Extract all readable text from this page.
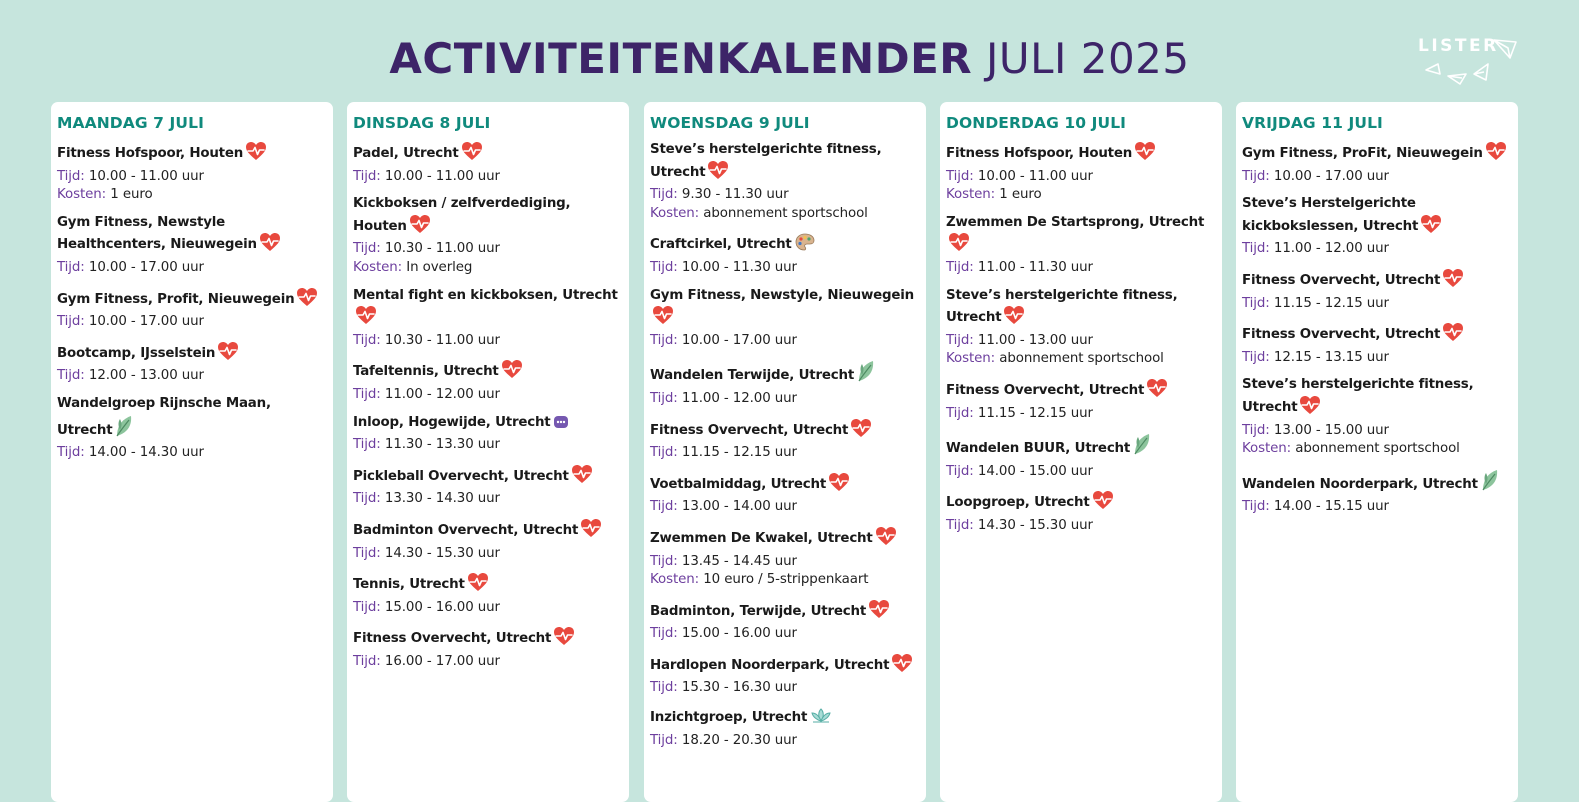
ACTIVITEITENKALENDER JULI 2025	LISTER
MAANDAG 7 JULI
Fitness Hofspoor, Houten
Tijd: 10.00 - 11.00 uur
Kosten: 1 euro
Gym Fitness, Newstyle Healthcenters, Nieuwegein
Tijd: 10.00 - 17.00 uur
Gym Fitness, Profit, Nieuwegein
Tijd: 10.00 - 17.00 uur
Bootcamp, IJsselstein
Tijd: 12.00 - 13.00 uur
Wandelgroep Rijnsche Maan, Utrecht
Tijd: 14.00 - 14.30 uur
DINSDAG 8 JULI
Padel, Utrecht
Tijd: 10.00 - 11.00 uur
Kickboksen / zelfverdediging, Houten
Tijd: 10.30 - 11.00 uur
Kosten: In overleg
Mental fight en kickboksen, Utrecht
Tijd: 10.30 - 11.00 uur
Tafeltennis, Utrecht
Tijd: 11.00 - 12.00 uur
Inloop, Hogewijde, Utrecht
Tijd: 11.30 - 13.30 uur
Pickleball Overvecht, Utrecht
Tijd: 13.30 - 14.30 uur
Badminton Overvecht, Utrecht
Tijd: 14.30 - 15.30 uur
Tennis, Utrecht
Tijd: 15.00 - 16.00 uur
Fitness Overvecht, Utrecht
Tijd: 16.00 - 17.00 uur
WOENSDAG 9 JULI
Steve’s herstelgerichte fitness, Utrecht
Tijd: 9.30 - 11.30 uur
Kosten: abonnement sportschool
Craftcirkel, Utrecht
Tijd: 10.00 - 11.30 uur
Gym Fitness, Newstyle, Nieuwegein
Tijd: 10.00 - 17.00 uur
Wandelen Terwijde, Utrecht
Tijd: 11.00 - 12.00 uur
Fitness Overvecht, Utrecht
Tijd: 11.15 - 12.15 uur
Voetbalmiddag, Utrecht
Tijd: 13.00 - 14.00 uur
Zwemmen De Kwakel, Utrecht
Tijd: 13.45 - 14.45 uur
Kosten: 10 euro / 5-strippenkaart
Badminton, Terwijde, Utrecht
Tijd: 15.00 - 16.00 uur
Hardlopen Noorderpark, Utrecht
Tijd: 15.30 - 16.30 uur
Inzichtgroep, Utrecht
Tijd: 18.20 - 20.30 uur
DONDERDAG 10 JULI
Fitness Hofspoor, Houten
Tijd: 10.00 - 11.00 uur
Kosten: 1 euro
Zwemmen De Startsprong, Utrecht
Tijd: 11.00 - 11.30 uur
Steve’s herstelgerichte fitness, Utrecht
Tijd: 11.00 - 13.00 uur
Kosten: abonnement sportschool
Fitness Overvecht, Utrecht
Tijd: 11.15 - 12.15 uur
Wandelen BUUR, Utrecht
Tijd: 14.00 - 15.00 uur
Loopgroep, Utrecht
Tijd: 14.30 - 15.30 uur
VRIJDAG 11 JULI
Gym Fitness, ProFit, Nieuwegein
Tijd: 10.00 - 17.00 uur
Steve’s Herstelgerichte kickbokslessen, Utrecht
Tijd: 11.00 - 12.00 uur
Fitness Overvecht, Utrecht
Tijd: 11.15 - 12.15 uur
Fitness Overvecht, Utrecht
Tijd: 12.15 - 13.15 uur
Steve’s herstelgerichte fitness, Utrecht
Tijd: 13.00 - 15.00 uur
Kosten: abonnement sportschool
Wandelen Noorderpark, Utrecht
Tijd: 14.00 - 15.15 uur
